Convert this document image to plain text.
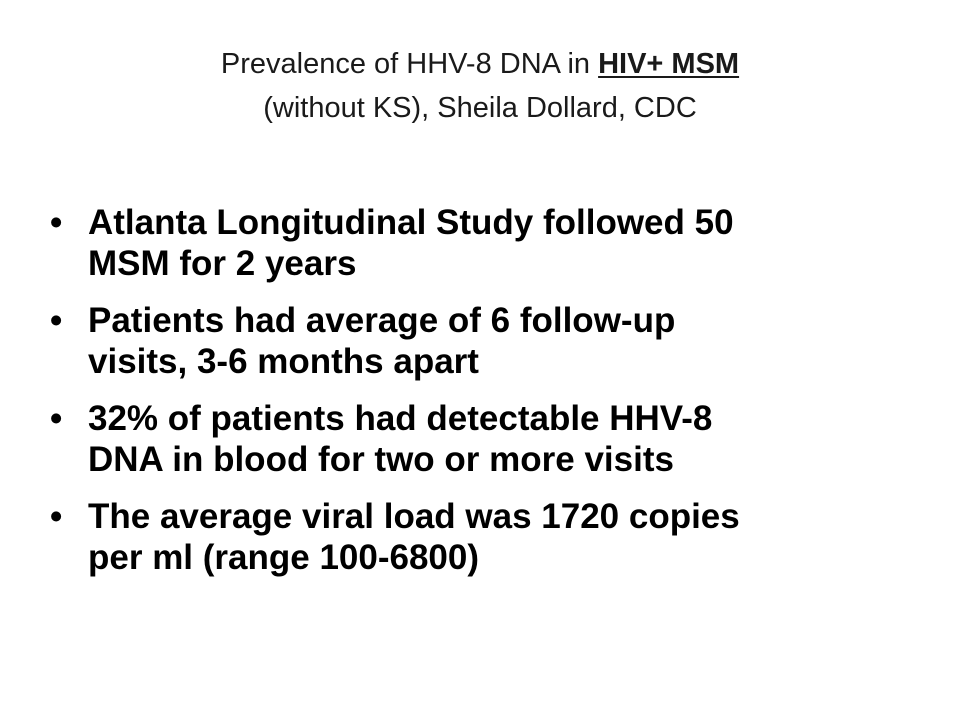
Prevalence of HHV-8 DNA in HIV+ MSM
(without KS), Sheila Dollard, CDC
• Atlanta Longitudinal Study followed 50
MSM for 2 years
• Patients had average of 6 follow-up
visits, 3-6 months apart
• 32% of patients had detectable HHV-8
DNA in blood for two or more visits
• The average viral load was 1720 copies
per ml (range 100-6800)
